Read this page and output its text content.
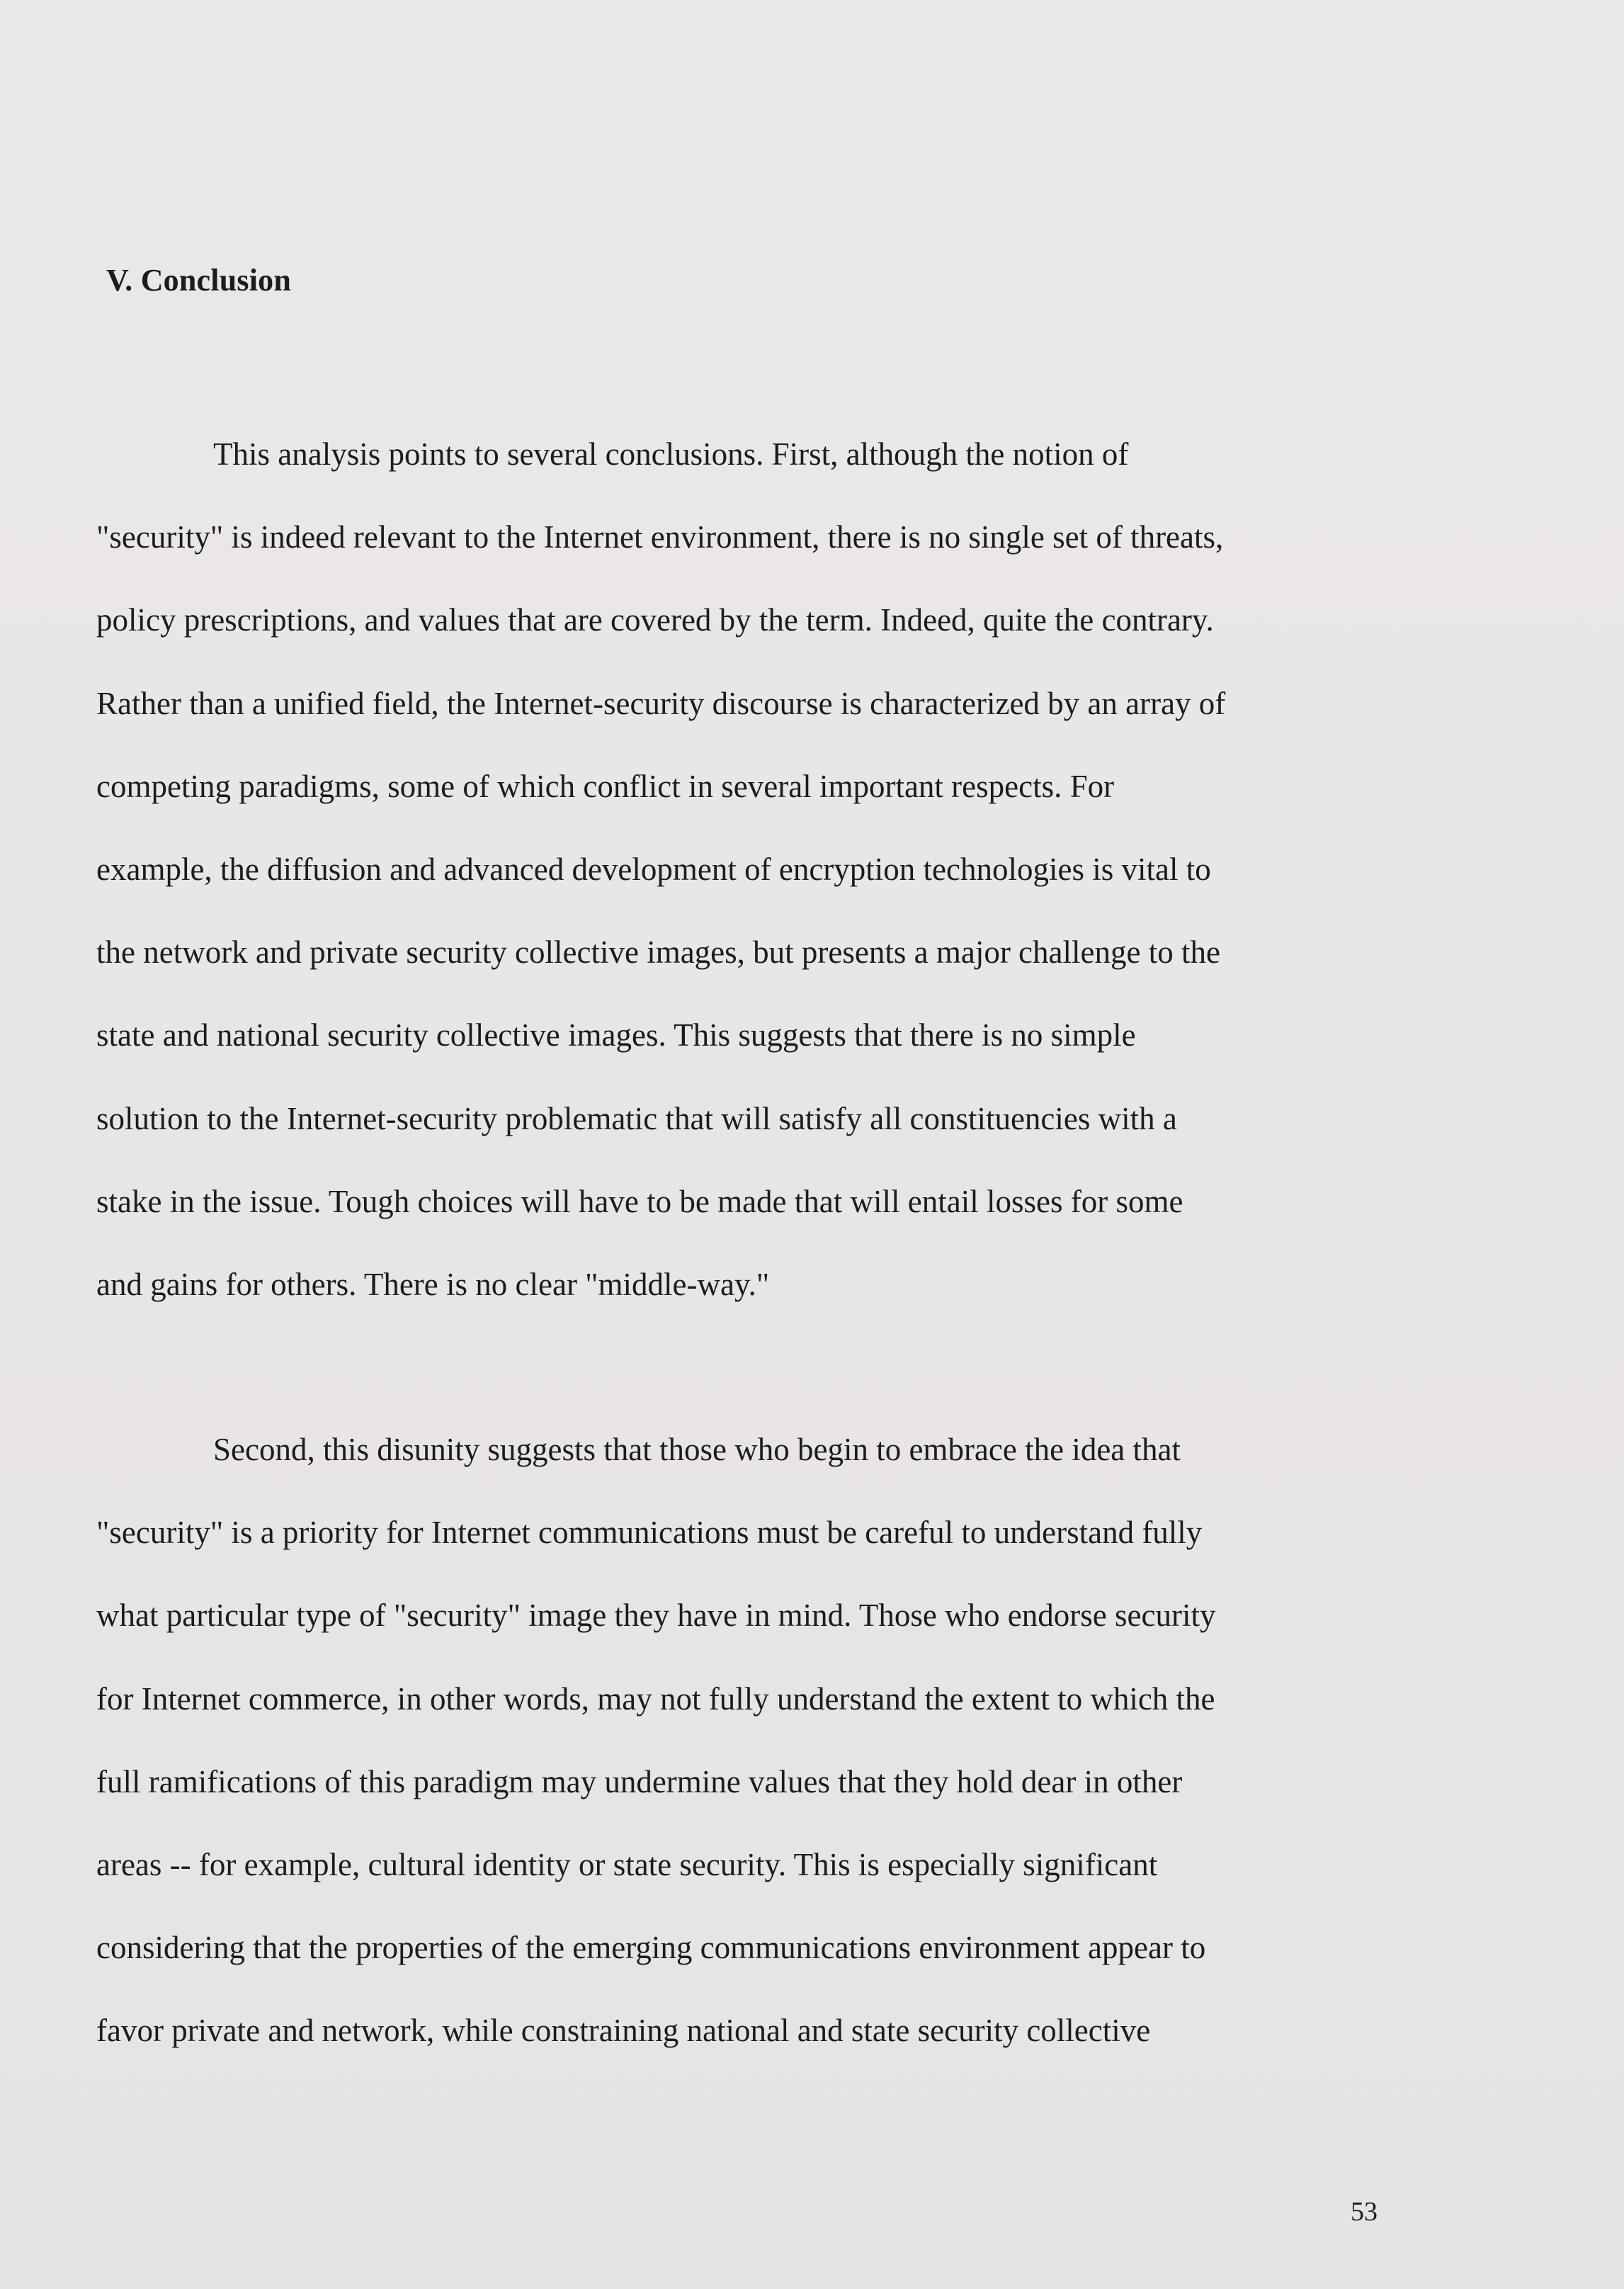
V. Conclusion
This analysis points to several conclusions. First, although the notion of
"security" is indeed relevant to the Internet environment, there is no single set of threats,
policy prescriptions, and values that are covered by the term. Indeed, quite the contrary.
Rather than a unified field, the Internet-security discourse is characterized by an array of
competing paradigms, some of which conflict in several important respects. For
example, the diffusion and advanced development of encryption technologies is vital to
the network and private security collective images, but presents a major challenge to the
state and national security collective images. This suggests that there is no simple
solution to the Internet-security problematic that will satisfy all constituencies with a
stake in the issue. Tough choices will have to be made that will entail losses for some
and gains for others. There is no clear "middle-way."
Second, this disunity suggests that those who begin to embrace the idea that
"security" is a priority for Internet communications must be careful to understand fully
what particular type of "security" image they have in mind. Those who endorse security
for Internet commerce, in other words, may not fully understand the extent to which the
full ramifications of this paradigm may undermine values that they hold dear in other
areas -- for example, cultural identity or state security. This is especially significant
considering that the properties of the emerging communications environment appear to
favor private and network, while constraining national and state security collective
53
